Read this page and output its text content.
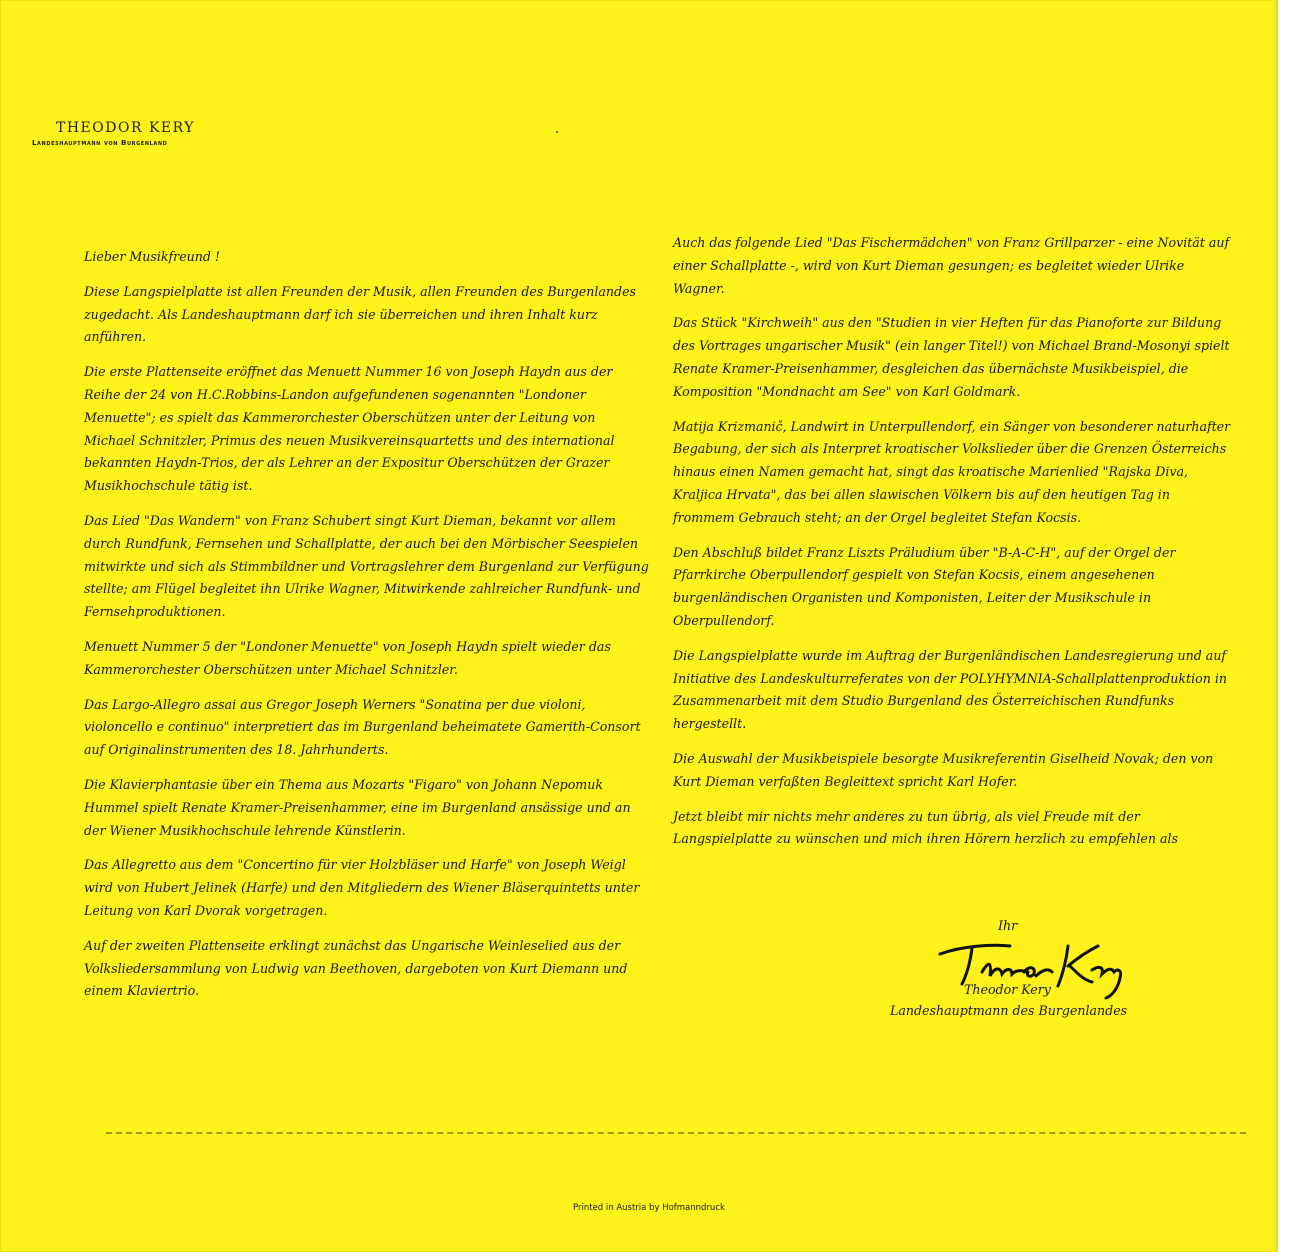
THEODOR KERY
Landeshauptmann von Burgenland

Lieber Musikfreund !

Diese Langspielplatte ist allen Freunden der Musik, allen Freunden des Burgenlandes zugedacht. Als Landeshauptmann darf ich sie überreichen und ihren Inhalt kurz anführen.

Die erste Plattenseite eröffnet das Menuett Nummer 16 von Joseph Haydn aus der Reihe der 24 von H.C.Robbins-Landon aufgefundenen sogenannten "Londoner Menuette"; es spielt das Kammerorchester Oberschützen unter der Leitung von Michael Schnitzler, Primus des neuen Musikvereinsquartetts und des international bekannten Haydn-Trios, der als Lehrer an der Expositur Oberschützen der Grazer Musikhochschule tätig ist.

Das Lied "Das Wandern" von Franz Schubert singt Kurt Dieman, bekannt vor allem durch Rundfunk, Fernsehen und Schallplatte, der auch bei den Mörbischer Seespielen mitwirkte und sich als Stimmbildner und Vortragslehrer dem Burgenland zur Verfügung stellte; am Flügel begleitet ihn Ulrike Wagner, Mitwirkende zahlreicher Rundfunk- und Fernsehproduktionen.

Menuett Nummer 5 der "Londoner Menuette" von Joseph Haydn spielt wieder das Kammerorchester Oberschützen unter Michael Schnitzler.

Das Largo-Allegro assai aus Gregor Joseph Werners "Sonatina per due violoni, violoncello e continuo" interpretiert das im Burgenland beheimatete Gamerith-Consort auf Originalinstrumenten des 18. Jahrhunderts.

Die Klavierphantasie über ein Thema aus Mozarts "Figaro" von Johann Nepomuk Hummel spielt Renate Kramer-Preisenhammer, eine im Burgenland ansässige und an der Wiener Musikhochschule lehrende Künstlerin.

Das Allegretto aus dem "Concertino für vier Holzbläser und Harfe" von Joseph Weigl wird von Hubert Jelinek (Harfe) und den Mitgliedern des Wiener Bläserquintetts unter Leitung von Karl Dvorak vorgetragen.

Auf der zweiten Plattenseite erklingt zunächst das Ungarische Weinleselied aus der Volksliedersammlung von Ludwig van Beethoven, dargeboten von Kurt Diemann und einem Klaviertrio.

Auch das folgende Lied "Das Fischermädchen" von Franz Grillparzer - eine Novität auf einer Schallplatte -, wird von Kurt Dieman gesungen; es begleitet wieder Ulrike Wagner.

Das Stück "Kirchweih" aus den "Studien in vier Heften für das Pianoforte zur Bildung des Vortrages ungarischer Musik" (ein langer Titel!) von Michael Brand-Mosonyi spielt Renate Kramer-Preisenhammer, desgleichen das übernächste Musikbeispiel, die Komposition "Mondnacht am See" von Karl Goldmark.

Matija Krizmanič, Landwirt in Unterpullendorf, ein Sänger von besonderer naturhafter Begabung, der sich als Interpret kroatischer Volkslieder über die Grenzen Österreichs hinaus einen Namen gemacht hat, singt das kroatische Marienlied "Rajska Diva, Kraljica Hrvata", das bei allen slawischen Völkern bis auf den heutigen Tag in frommem Gebrauch steht; an der Orgel begleitet Stefan Kocsis.

Den Abschluß bildet Franz Liszts Präludium über "B-A-C-H", auf der Orgel der Pfarrkirche Oberpullendorf gespielt von Stefan Kocsis, einem angesehenen burgenländischen Organisten und Komponisten, Leiter der Musikschule in Oberpullendorf.

Die Langspielplatte wurde im Auftrag der Burgenländischen Landesregierung und auf Initiative des Landeskulturreferates von der POLYHYMNIA-Schallplattenproduktion in Zusammenarbeit mit dem Studio Burgenland des Österreichischen Rundfunks hergestellt.

Die Auswahl der Musikbeispiele besorgte Musikreferentin Giselheid Novak; den von Kurt Dieman verfaßten Begleittext spricht Karl Hofer.

Jetzt bleibt mir nichts mehr anderes zu tun übrig, als viel Freude mit der Langspielplatte zu wünschen und mich ihren Hörern herzlich zu empfehlen als

Ihr
Theodor Kery
Landeshauptmann des Burgenlandes
Printed in Austria by Hofmanndruck
